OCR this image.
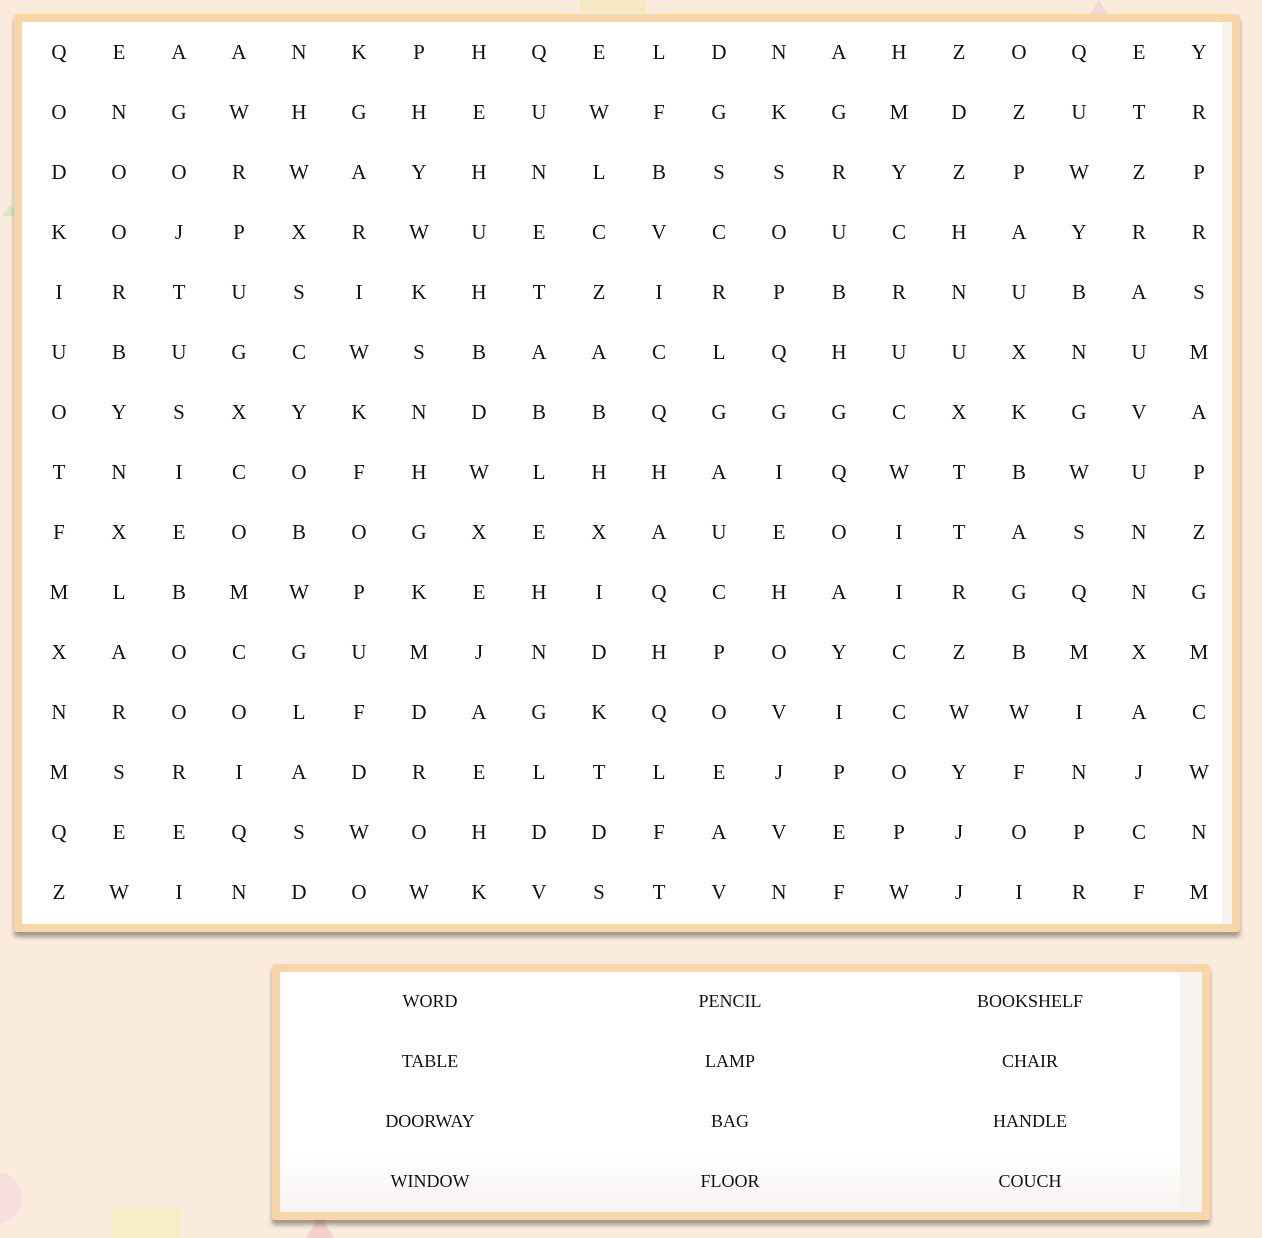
Q	E	A	A	N	K	P	H	Q	E	L	D	N	A	H	Z	O	Q	E	Y
O	N	G	W	H	G	H	E	U	W	F	G	K	G	M	D	Z	U	T	R
D	O	O	R	W	A	Y	H	N	L	B	S	S	R	Y	Z	P	W	Z	P
K	O	J	P	X	R	W	U	E	C	V	C	O	U	C	H	A	Y	R	R
I	R	T	U	S	I	K	H	T	Z	I	R	P	B	R	N	U	B	A	S
U	B	U	G	C	W	S	B	A	A	C	L	Q	H	U	U	X	N	U	M
O	Y	S	X	Y	K	N	D	B	B	Q	G	G	G	C	X	K	G	V	A
T	N	I	C	O	F	H	W	L	H	H	A	I	Q	W	T	B	W	U	P
F	X	E	O	B	O	G	X	E	X	A	U	E	O	I	T	A	S	N	Z
M	L	B	M	W	P	K	E	H	I	Q	C	H	A	I	R	G	Q	N	G
X	A	O	C	G	U	M	J	N	D	H	P	O	Y	C	Z	B	M	X	M
N	R	O	O	L	F	D	A	G	K	Q	O	V	I	C	W	W	I	A	C
M	S	R	I	A	D	R	E	L	T	L	E	J	P	O	Y	F	N	J	W
Q	E	E	Q	S	W	O	H	D	D	F	A	V	E	P	J	O	P	C	N
Z	W	I	N	D	O	W	K	V	S	T	V	N	F	W	J	I	R	F	M
WORD	PENCIL	BOOKSHELF
TABLE	LAMP	CHAIR
DOORWAY	BAG	HANDLE
WINDOW	FLOOR	COUCH
